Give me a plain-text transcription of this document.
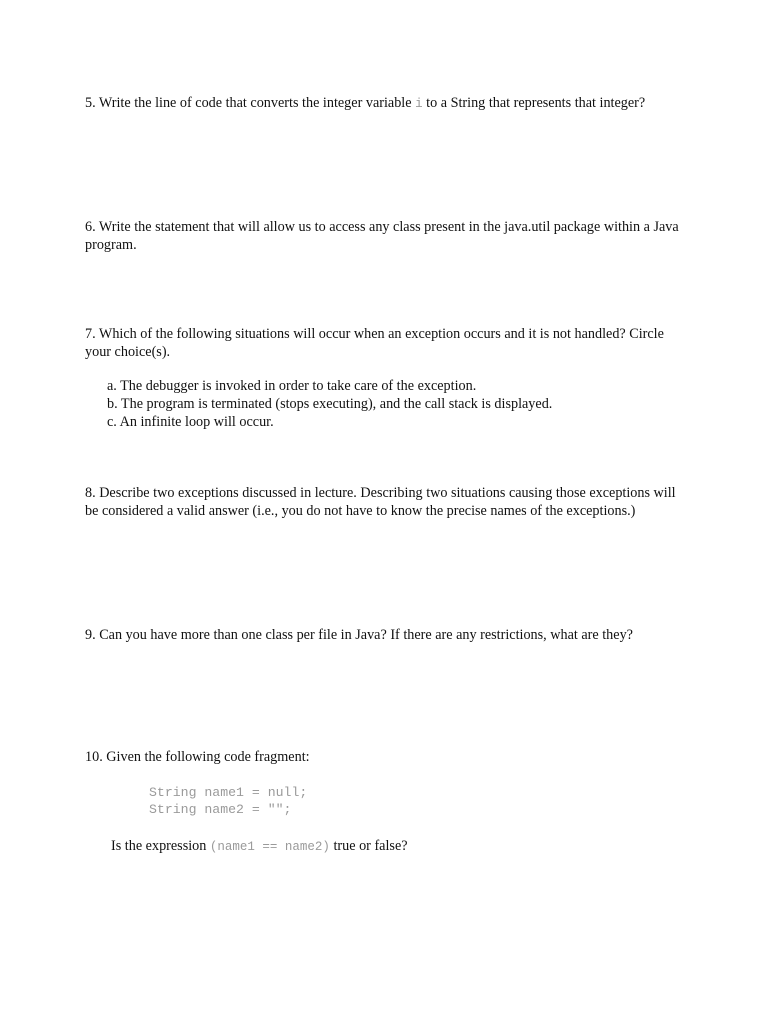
5. Write the line of code that converts the integer variable i to a String that represents that integer?

6. Write the statement that will allow us to access any class present in the java.util package within a Java program.

7. Which of the following situations will occur when an exception occurs and it is not handled? Circle your choice(s).

a. The debugger is invoked in order to take care of the exception.

b. The program is terminated (stops executing), and the call stack is displayed.

c. An infinite loop will occur.

8. Describe two exceptions discussed in lecture. Describing two situations causing those exceptions will be considered a valid answer (i.e., you do not have to know the precise names of the exceptions.)

9. Can you have more than one class per file in Java? If there are any restrictions, what are they?

10. Given the following code fragment:

String name1 = null;
String name2 = "";

Is the expression (name1 == name2) true or false?
